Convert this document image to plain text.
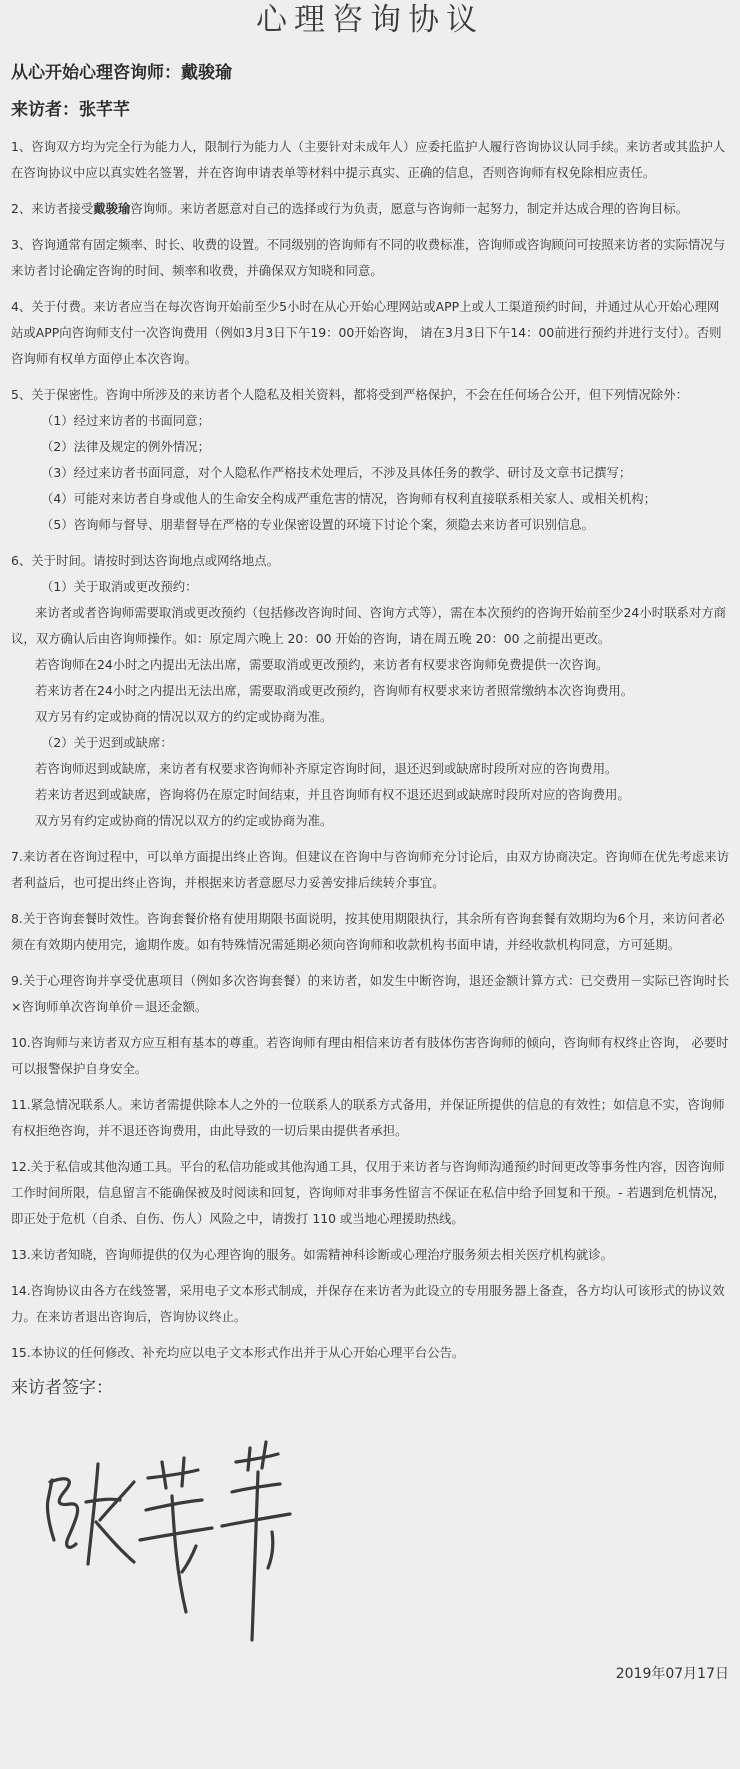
心理咨询协议
从心开始心理咨询师：戴骏瑜
来访者：张芊芊

1、咨询双方均为完全行为能力人，限制行为能力人（主要针对未成年人）应委托监护人履行咨询协议认同手续。来访者或其监护人在咨询协议中应以真实姓名签署，并在咨询申请表单等材料中提示真实、正确的信息，否则咨询师有权免除相应责任。

2、来访者接受戴骏瑜咨询师。来访者愿意对自己的选择或行为负责，愿意与咨询师一起努力，制定并达成合理的咨询目标。

3、咨询通常有固定频率、时长、收费的设置。不同级别的咨询师有不同的收费标准，咨询师或咨询顾问可按照来访者的实际情况与来访者讨论确定咨询的时间、频率和收费，并确保双方知晓和同意。

4、关于付费。来访者应当在每次咨询开始前至少5小时在从心开始心理网站或APP上或人工渠道预约时间，并通过从心开始心理网站或APP向咨询师支付一次咨询费用（例如3月3日下午19：00开始咨询， 请在3月3日下午14：00前进行预约并进行支付）。否则咨询师有权单方面停止本次咨询。

5、关于保密性。咨询中所涉及的来访者个人隐私及相关资料，都将受到严格保护，不会在任何场合公开，但下列情况除外：

（1）经过来访者的书面同意；

（2）法律及规定的例外情况；

（3）经过来访者书面同意，对个人隐私作严格技术处理后，不涉及具体任务的教学、研讨及文章书记撰写；

（4）可能对来访者自身或他人的生命安全构成严重危害的情况，咨询师有权利直接联系相关家人、或相关机构；

（5）咨询师与督导、朋辈督导在严格的专业保密设置的环境下讨论个案，须隐去来访者可识别信息。

6、关于时间。请按时到达咨询地点或网络地点。

（1）关于取消或更改预约：

来访者或者咨询师需要取消或更改预约（包括修改咨询时间、咨询方式等），需在本次预约的咨询开始前至少24小时联系对方商议，双方确认后由咨询师操作。如：原定周六晚上 20：00 开始的咨询，请在周五晚 20：00 之前提出更改。

若咨询师在24小时之内提出无法出席，需要取消或更改预约，来访者有权要求咨询师免费提供一次咨询。

若来访者在24小时之内提出无法出席，需要取消或更改预约，咨询师有权要求来访者照常缴纳本次咨询费用。

双方另有约定或协商的情况以双方的约定或协商为准。

（2）关于迟到或缺席：

若咨询师迟到或缺席，来访者有权要求咨询师补齐原定咨询时间，退还迟到或缺席时段所对应的咨询费用。

若来访者迟到或缺席，咨询将仍在原定时间结束，并且咨询师有权不退还迟到或缺席时段所对应的咨询费用。

双方另有约定或协商的情况以双方的约定或协商为准。

7.来访者在咨询过程中，可以单方面提出终止咨询。但建议在咨询中与咨询师充分讨论后，由双方协商决定。咨询师在优先考虑来访者利益后，也可提出终止咨询，并根据来访者意愿尽力妥善安排后续转介事宜。

8.关于咨询套餐时效性。咨询套餐价格有使用期限书面说明，按其使用期限执行，其余所有咨询套餐有效期均为6个月，来访问者必须在有效期内使用完，逾期作废。如有特殊情况需延期必须向咨询师和收款机构书面申请，并经收款机构同意，方可延期。

9.关于心理咨询并享受优惠项目（例如多次咨询套餐）的来访者，如发生中断咨询，退还金额计算方式：已交费用－实际已咨询时长×咨询师单次咨询单价＝退还金额。

10.咨询师与来访者双方应互相有基本的尊重。若咨询师有理由相信来访者有肢体伤害咨询师的倾向，咨询师有权终止咨询， 必要时可以报警保护自身安全。

11.紧急情况联系人。来访者需提供除本人之外的一位联系人的联系方式备用，并保证所提供的信息的有效性；如信息不实，咨询师有权拒绝咨询，并不退还咨询费用，由此导致的一切后果由提供者承担。

12.关于私信或其他沟通工具。平台的私信功能或其他沟通工具，仅用于来访者与咨询师沟通预约时间更改等事务性内容，因咨询师工作时间所限，信息留言不能确保被及时阅读和回复，咨询师对非事务性留言不保证在私信中给予回复和干预。- 若遇到危机情况，即正处于危机（自杀、自伤、伤人）风险之中，请拨打 110 或当地心理援助热线。

13.来访者知晓，咨询师提供的仅为心理咨询的服务。如需精神科诊断或心理治疗服务须去相关医疗机构就诊。

14.咨询协议由各方在线签署，采用电子文本形式制成，并保存在来访者为此设立的专用服务器上备查，各方均认可该形式的协议效力。在来访者退出咨询后，咨询协议终止。

15.本协议的任何修改、补充均应以电子文本形式作出并于从心开始心理平台公告。

来访者签字：
2019年07月17日
